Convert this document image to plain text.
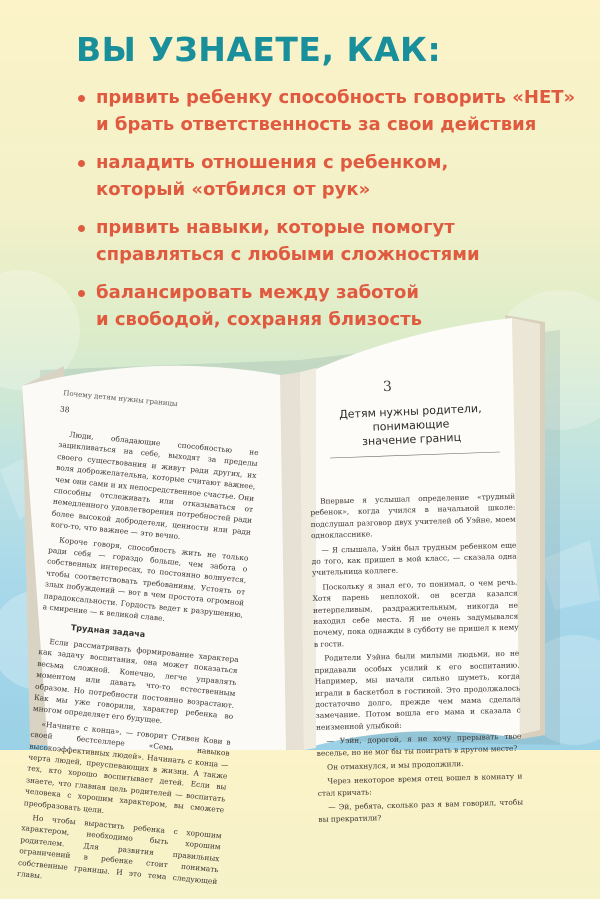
ВЫ УЗНАЕТЕ, КАК:
привить ребенку способность говорить «НЕТ»
и брать ответственность за свои действия
наладить отношения с ребенком,
который «отбился от рук»
привить навыки, которые помогут
справляться с любыми сложностями
балансировать между заботой
и свободой, сохраняя близость
38

Почему детям нужны границы

Люди, обладающие способностью не зацикливаться на себе, выходят за пределы своего существования и живут ради других, их воля доброжелательна, которые считают важнее, чем они сами и их непосредственное счастье. Они способны отслеживать или отказываться от немедленного удовлетворения потребностей ради более высокой добродетели, ценности или ради кого-то, что важнее — это вечно.

Короче говоря, способность жить не только ради себя — гораздо больше, чем забота о собственных интересах, то постоянно волнуется, чтобы соответствовать требованиям. Устоять от злых побуждений — вот в чем простота огромной парадоксальности. Гордость ведет к разрушению, а смирение — к великой славе.

Трудная задача

Если рассматривать формирование характера как задачу воспитания, она может показаться весьма сложной. Конечно, легче управлять моментом или давать что-то естественным образом. Но потребности постоянно возрастают. Как мы уже говорили, характер ребенка во многом определяет его будущее.

«Начните с конца», — говорит Стивен Кови в своей бестселлере «Семь навыков высокоэффективных людей». Начинать с конца — черта людей, преуспевающих в жизни. А также тех, кто хорошо воспитывает детей. Если вы знаете, что главная цель родителей — воспитать человека с хорошим характером, вы сможете преобразовать цели.

Но чтобы вырастить ребенка с хорошим характером, необходимо быть хорошим родителем. Для развития правильных ограничений в ребенке стоит понимать собственные границы. И это тема следующей главы.

3
Детям нужны родители,
понимающие
значение границ

Впервые я услышал определение «трудный ребенок», когда учился в начальной школе: подслушал разговор двух учителей об Уэйне, моем однокласснике.

— Я слышала, Уэйн был трудным ребенком еще до того, как пришел в мой класс, — сказала одна учительница коллеге.

Поскольку я знал его, то понимал, о чем речь. Хотя парень неплохой, он всегда казался нетерпеливым, раздражительным, никогда не находил себе места. Я не очень задумывался почему, пока однажды в субботу не пришел к нему в гости.

Родители Уэйна были милыми людьми, но не придавали особых усилий к его воспитанию. Например, мы начали сильно шуметь, когда играли в баскетбол в гостиной. Это продолжалось достаточно долго, прежде чем мама сделала замечание. Потом вошла его мама и сказала с неизменной улыбкой:

— Уэйн, дорогой, я не хочу прерывать твое веселье, но не мог бы ты поиграть в другом месте?

Он отмахнулся, и мы продолжили.

Через некоторое время отец вошел в комнату и стал кричать:

— Эй, ребята, сколько раз я вам говорил, чтобы вы прекратили?
